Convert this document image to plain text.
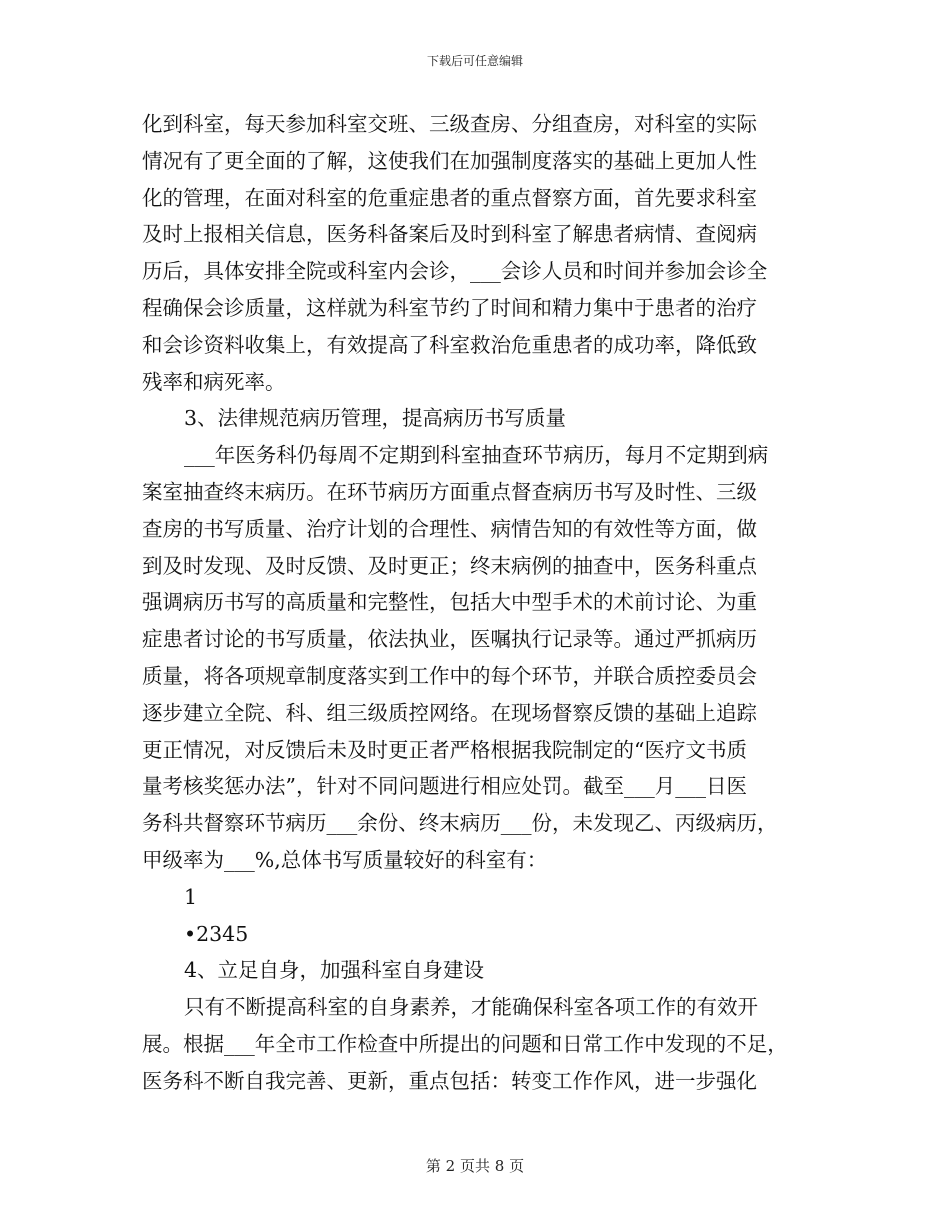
下载后可任意编辑
化到科室，每天参加科室交班、三级查房、分组查房，对科室的实际
情况有了更全面的了解，这使我们在加强制度落实的基础上更加人性
化的管理，在面对科室的危重症患者的重点督察方面，首先要求科室
及时上报相关信息，医务科备案后及时到科室了解患者病情、查阅病
历后，具体安排全院或科室内会诊，___会诊人员和时间并参加会诊全
程确保会诊质量，这样就为科室节约了时间和精力集中于患者的治疗
和会诊资料收集上，有效提高了科室救治危重患者的成功率，降低致
残率和病死率。
3、法律规范病历管理，提高病历书写质量
___年医务科仍每周不定期到科室抽查环节病历，每月不定期到病
案室抽查终末病历。在环节病历方面重点督查病历书写及时性、三级
查房的书写质量、治疗计划的合理性、病情告知的有效性等方面，做
到及时发现、及时反馈、及时更正；终末病例的抽查中，医务科重点
强调病历书写的高质量和完整性，包括大中型手术的术前讨论、为重
症患者讨论的书写质量，依法执业，医嘱执行记录等。通过严抓病历
质量，将各项规章制度落实到工作中的每个环节，并联合质控委员会
逐步建立全院、科、组三级质控网络。在现场督察反馈的基础上追踪
更正情况，对反馈后未及时更正者严格根据我院制定的“医疗文书质
量考核奖惩办法”，针对不同问题进行相应处罚。截至___月___日医
务科共督察环节病历___余份、终末病历___份，未发现乙、丙级病历，
甲级率为___%,总体书写质量较好的科室有：
1
•2345
4、立足自身，加强科室自身建设
只有不断提高科室的自身素养，才能确保科室各项工作的有效开
展。根据___年全市工作检查中所提出的问题和日常工作中发现的不足，
医务科不断自我完善、更新，重点包括：转变工作作风，进一步强化
第 2 页共 8 页
